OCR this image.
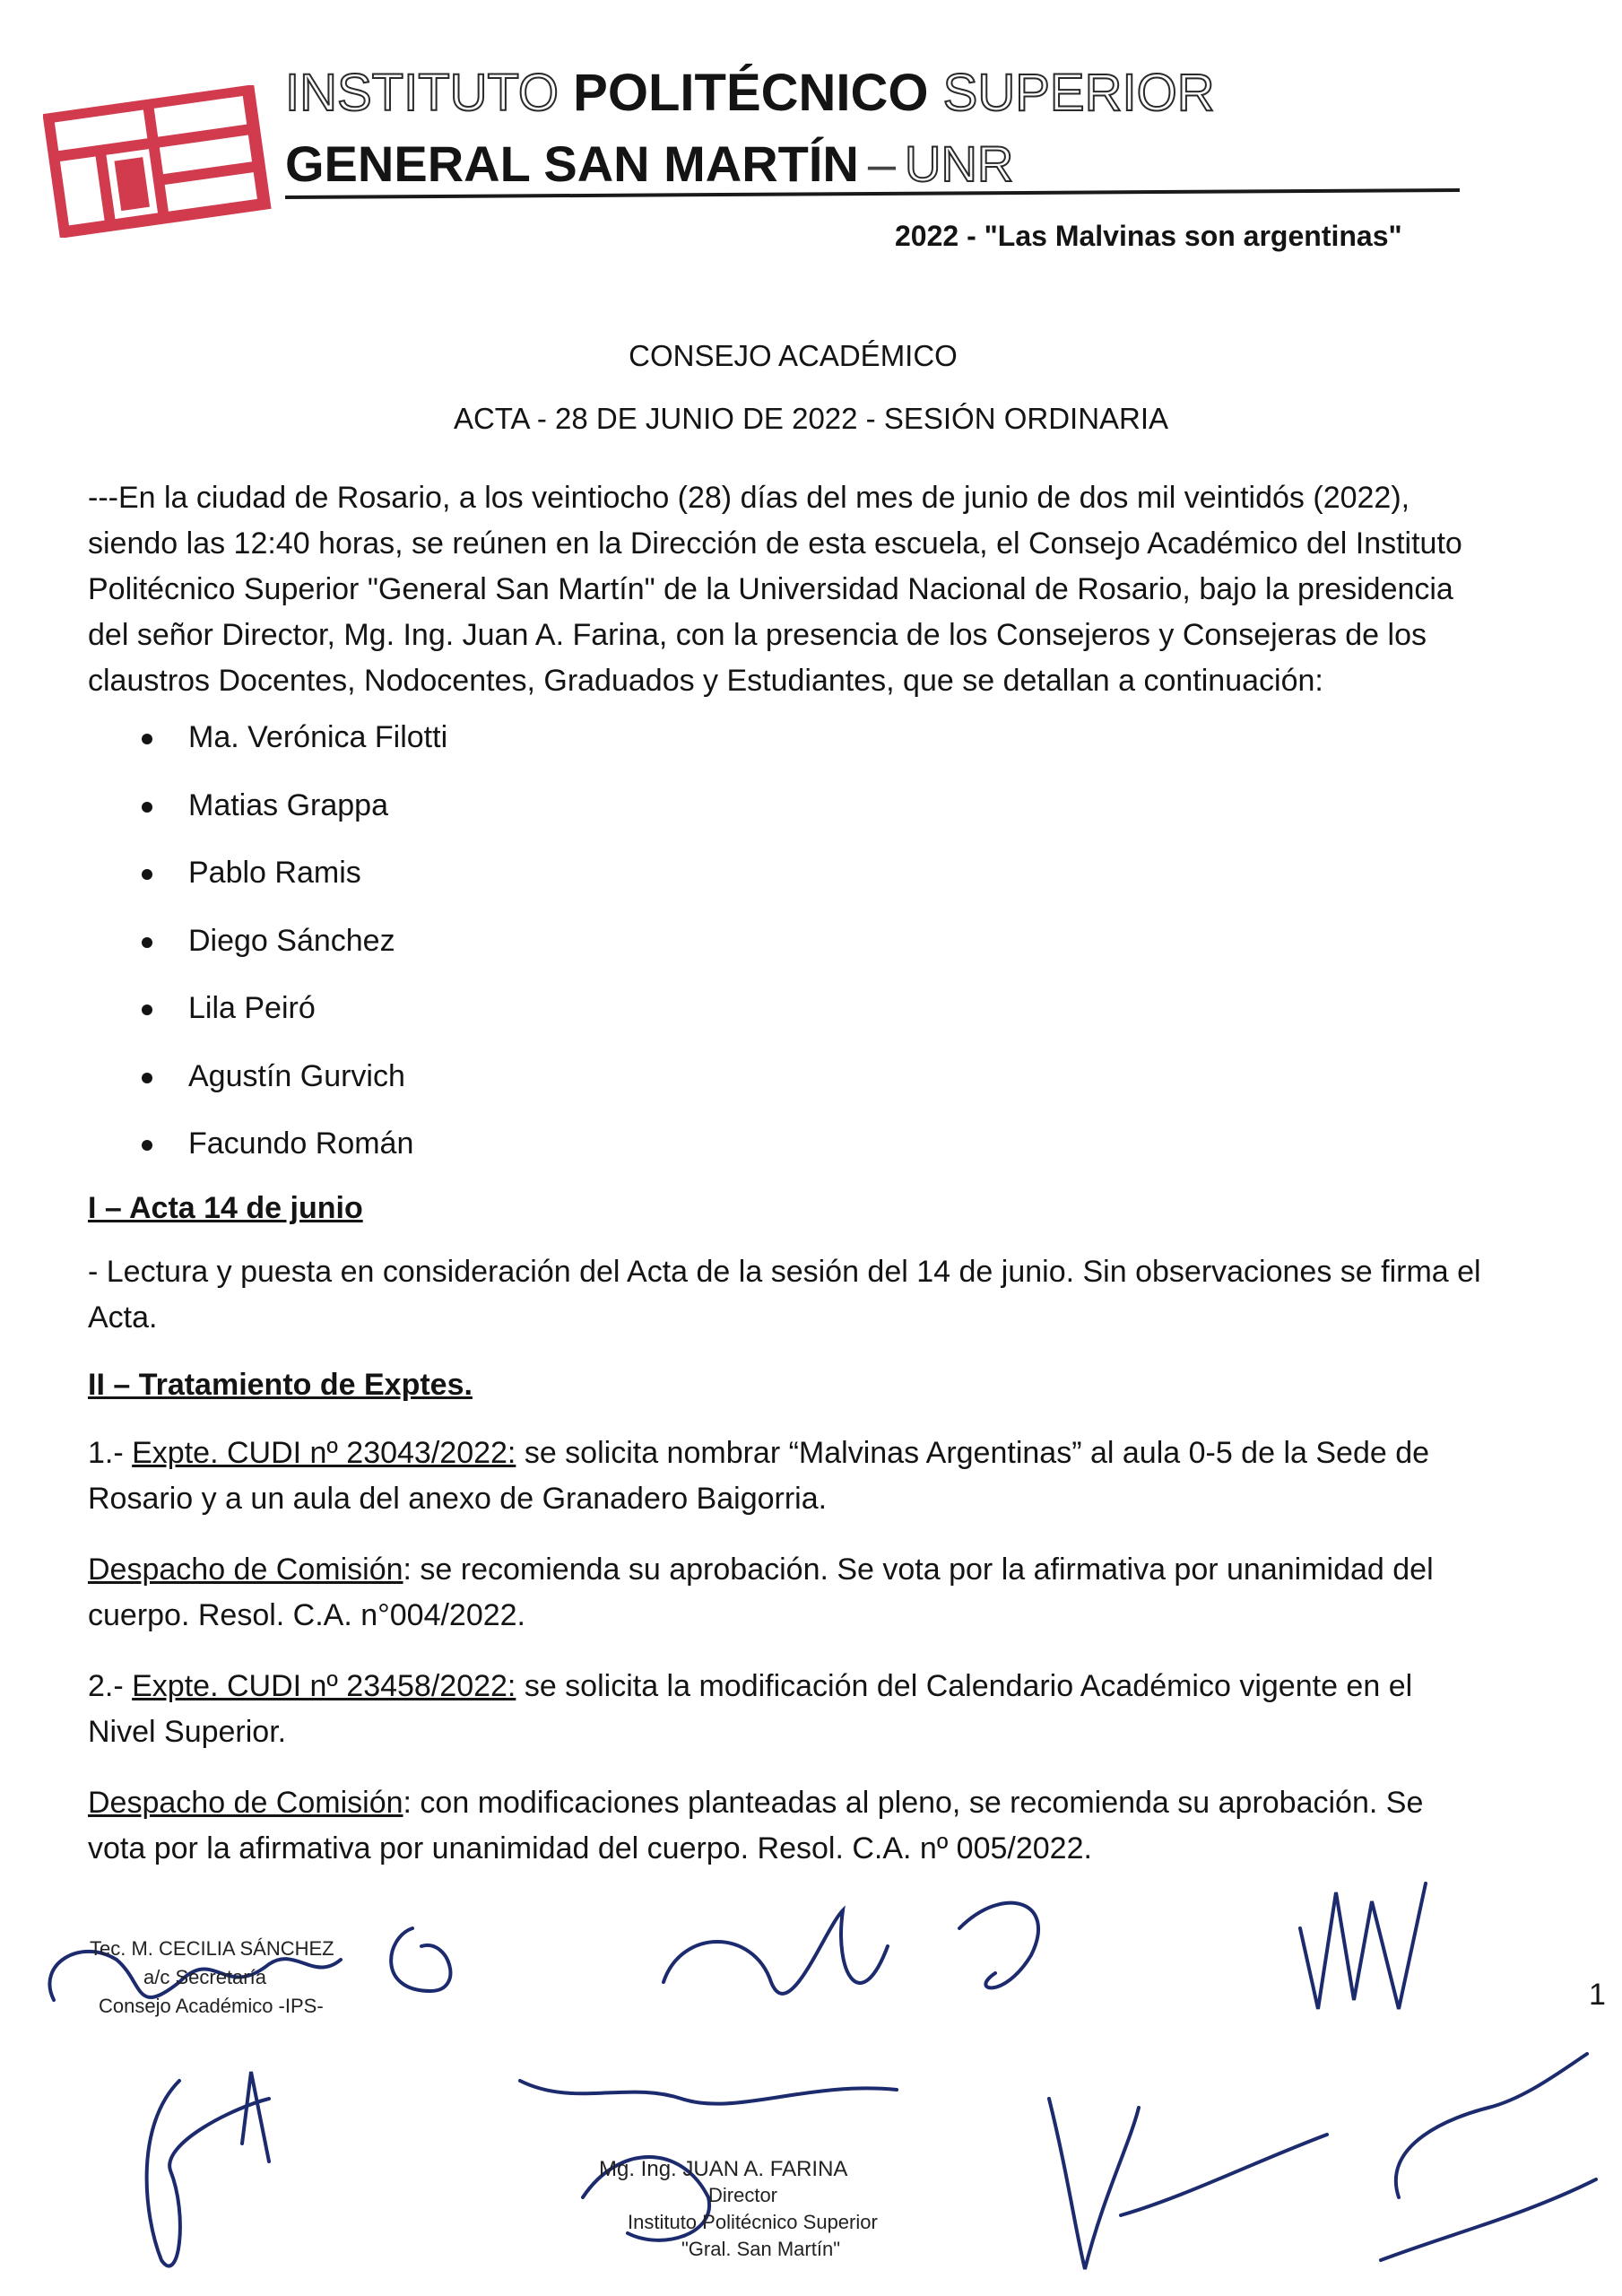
INSTITUTO POLITÉCNICO SUPERIOR
GENERAL SAN MARTÍN – UNR
2022 - "Las Malvinas son argentinas"
CONSEJO ACADÉMICO
ACTA - 28 DE JUNIO DE 2022 - SESIÓN ORDINARIA
---En la ciudad de Rosario, a los veintiocho (28) días del mes de junio de dos mil veintidós (2022),
siendo las 12:40 horas, se reúnen en la Dirección de esta escuela, el Consejo Académico del Instituto
Politécnico Superior "General San Martín" de la Universidad Nacional de Rosario, bajo la presidencia
del señor Director, Mg. Ing. Juan A. Farina, con la presencia de los Consejeros y Consejeras de los
claustros Docentes, Nodocentes, Graduados y Estudiantes, que se detallan a continuación:
Ma. Verónica Filotti
Matias Grappa
Pablo Ramis
Diego Sánchez
Lila Peiró
Agustín Gurvich
Facundo Román
I – Acta 14 de junio
- Lectura y puesta en consideración del Acta de la sesión del 14 de junio. Sin observaciones se firma el
Acta.
II – Tratamiento de Exptes.
1.- Expte. CUDI nº 23043/2022: se solicita nombrar “Malvinas Argentinas” al aula 0-5 de la Sede de
Rosario y a un aula del anexo de Granadero Baigorria.
Despacho de Comisión: se recomienda su aprobación. Se vota por la afirmativa por unanimidad del
cuerpo. Resol. C.A. n°004/2022.
2.- Expte. CUDI nº 23458/2022: se solicita la modificación del Calendario Académico vigente en el
Nivel Superior.
Despacho de Comisión: con modificaciones planteadas al pleno, se recomienda su aprobación. Se
vota por la afirmativa por unanimidad del cuerpo. Resol. C.A. nº 005/2022.
Tec. M. CECILIA SÁNCHEZ
a/c Secretaría
Consejo Académico -IPS-
Mg. Ing. JUAN A. FARINA
Director
Instituto Politécnico Superior
"Gral. San Martín"
1
